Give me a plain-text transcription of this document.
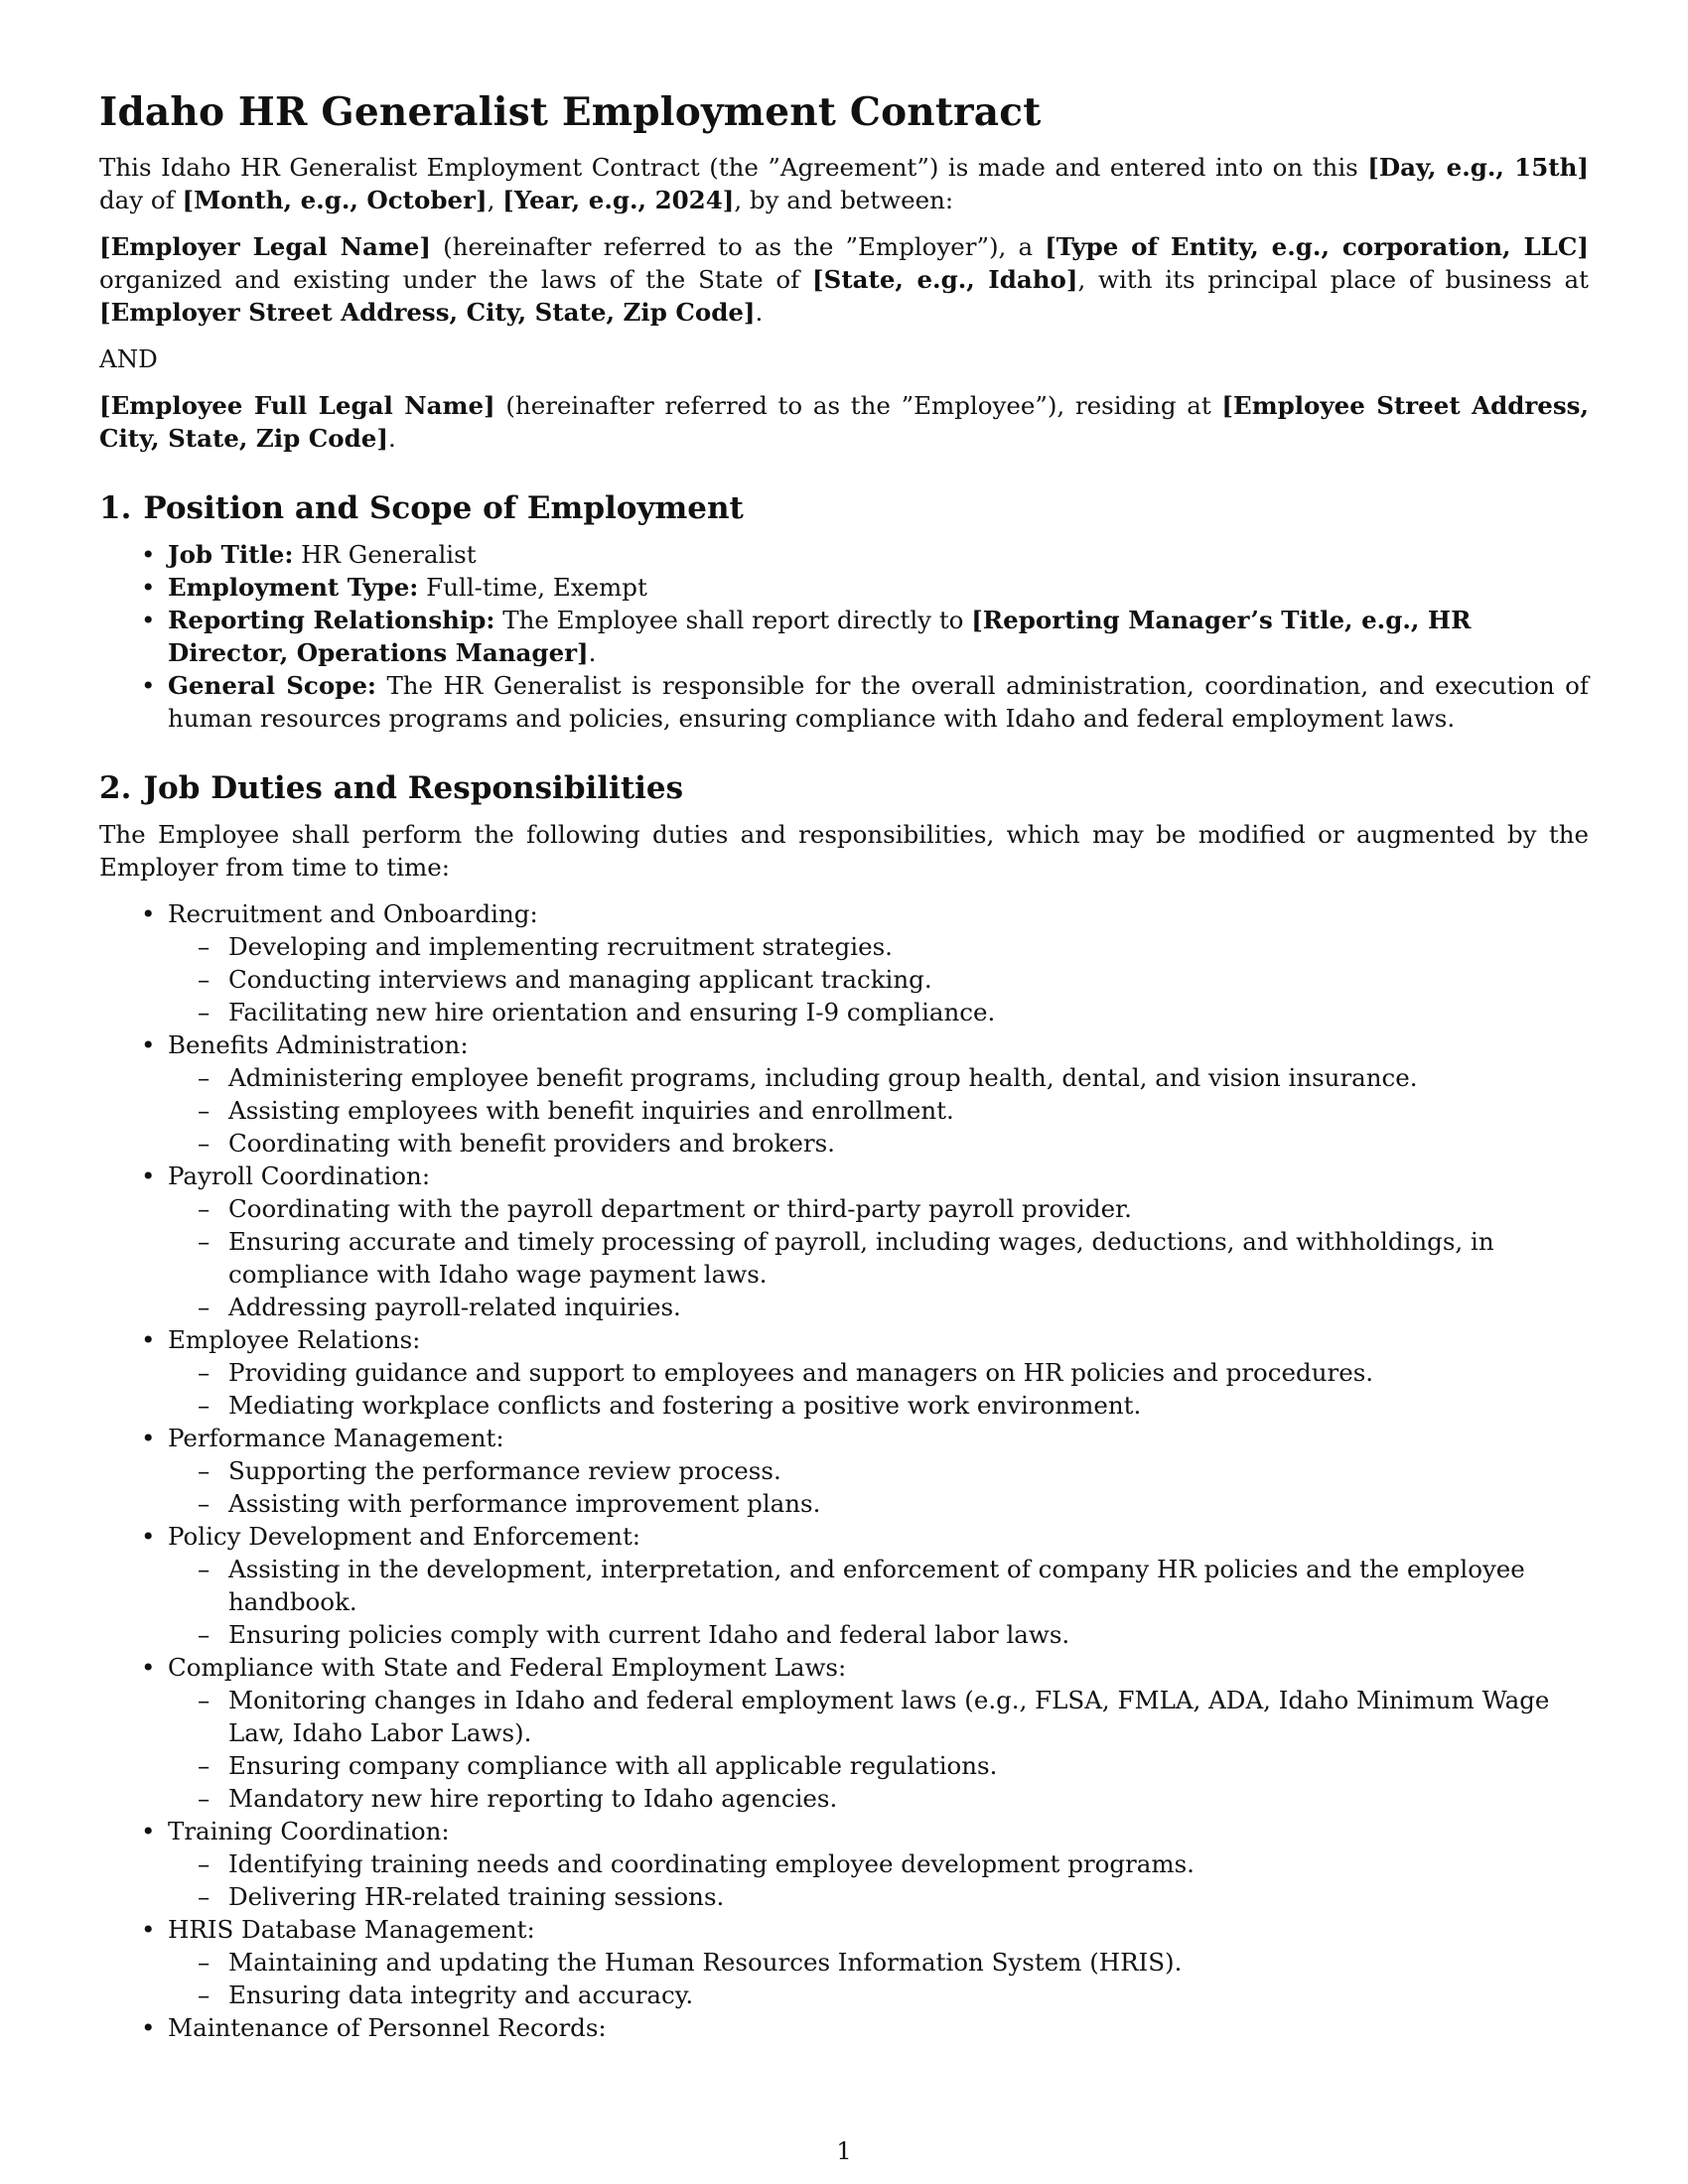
Idaho HR Generalist Employment Contract

This Idaho HR Generalist Employment Contract (the ”Agreement”) is made and entered into on this [Day, e.g., 15th] day of [Month, e.g., October], [Year, e.g., 2024], by and between:

[Employer Legal Name] (hereinafter referred to as the ”Employer”), a [Type of Entity, e.g., corporation, LLC] organized and existing under the laws of the State of [State, e.g., Idaho], with its principal place of business at [Employer Street Address, City, State, Zip Code].

AND

[Employee Full Legal Name] (hereinafter referred to as the ”Employee”), residing at [Employee Street Address, City, State, Zip Code].

1. Position and Scope of Employment
• Job Title: HR Generalist
• Employment Type: Full-time, Exempt
• Reporting Relationship: The Employee shall report directly to [Reporting Manager’s Title, e.g., HR Director, Operations Manager].
• General Scope: The HR Generalist is responsible for the overall administration, coordination, and execution of human resources programs and policies, ensuring compliance with Idaho and federal employment laws.
2. Job Duties and Responsibilities

The Employee shall perform the following duties and responsibilities, which may be modified or augmented by the Employer from time to time:

• Recruitment and Onboarding:
– Developing and implementing recruitment strategies.
– Conducting interviews and managing applicant tracking.
– Facilitating new hire orientation and ensuring I-9 compliance.
• Benefits Administration:
– Administering employee benefit programs, including group health, dental, and vision insurance.
– Assisting employees with benefit inquiries and enrollment.
– Coordinating with benefit providers and brokers.
• Payroll Coordination:
– Coordinating with the payroll department or third-party payroll provider.
– Ensuring accurate and timely processing of payroll, including wages, deductions, and withholdings, in compliance with Idaho wage payment laws.
– Addressing payroll-related inquiries.
• Employee Relations:
– Providing guidance and support to employees and managers on HR policies and procedures.
– Mediating workplace conflicts and fostering a positive work environment.
• Performance Management:
– Supporting the performance review process.
– Assisting with performance improvement plans.
• Policy Development and Enforcement:
– Assisting in the development, interpretation, and enforcement of company HR policies and the employee handbook.
– Ensuring policies comply with current Idaho and federal labor laws.
• Compliance with State and Federal Employment Laws:
– Monitoring changes in Idaho and federal employment laws (e.g., FLSA, FMLA, ADA, Idaho Minimum Wage Law, Idaho Labor Laws).
– Ensuring company compliance with all applicable regulations.
– Mandatory new hire reporting to Idaho agencies.
• Training Coordination:
– Identifying training needs and coordinating employee development programs.
– Delivering HR-related training sessions.
• HRIS Database Management:
– Maintaining and updating the Human Resources Information System (HRIS).
– Ensuring data integrity and accuracy.
• Maintenance of Personnel Records:
1
